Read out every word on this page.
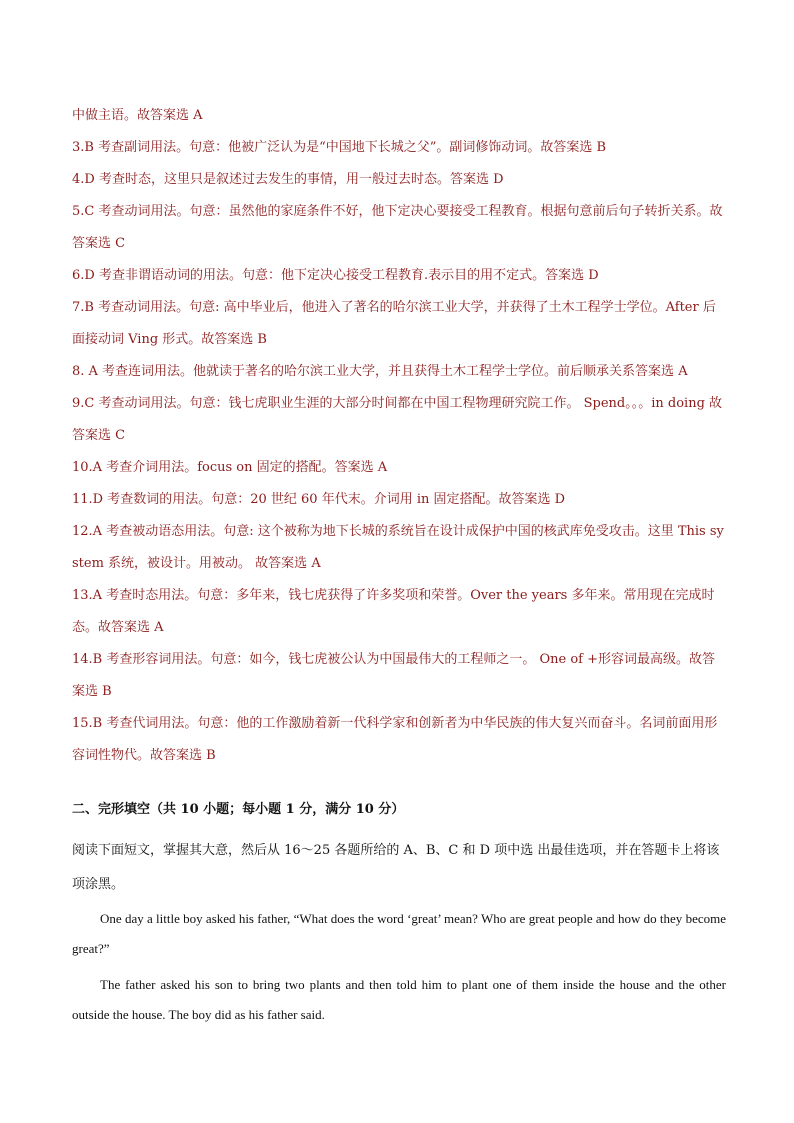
中做主语。故答案选 A

3.B 考查副词用法。句意：他被广泛认为是“中国地下长城之父”。副词修饰动词。故答案选 B

4.D 考查时态，这里只是叙述过去发生的事情，用一般过去时态。答案选 D

5.C 考查动词用法。句意：虽然他的家庭条件不好，他下定决心要接受工程教育。根据句意前后句子转折关系。故答案选 C

6.D 考查非谓语动词的用法。句意：他下定决心接受工程教育.表示目的用不定式。答案选 D

7.B 考查动词用法。句意: 高中毕业后，他进入了著名的哈尔滨工业大学，并获得了土木工程学士学位。After 后面接动词 Ving 形式。故答案选 B

8. A 考查连词用法。他就读于著名的哈尔滨工业大学，并且获得土木工程学士学位。前后顺承关系答案选 A

9.C 考查动词用法。句意：钱七虎职业生涯的大部分时间都在中国工程物理研究院工作。 Spend。。。in doing 故答案选 C

10.A 考查介词用法。focus on 固定的搭配。答案选 A

11.D 考查数词的用法。句意：20 世纪 60 年代末。介词用 in 固定搭配。故答案选 D

12.A 考查被动语态用法。句意: 这个被称为地下长城的系统旨在设计成保护中国的核武库免受攻击。这里 This system 系统，被设计。用被动。 故答案选 A

13.A 考查时态用法。句意：多年来，钱七虎获得了许多奖项和荣誉。Over the years 多年来。常用现在完成时态。故答案选 A

14.B 考查形容词用法。句意：如今，钱七虎被公认为中国最伟大的工程师之一。 One of +形容词最高级。故答案选 B

15.B 考查代词用法。句意：他的工作激励着新一代科学家和创新者为中华民族的伟大复兴而奋斗。名词前面用形容词性物代。故答案选 B

二、完形填空（共 10 小题；每小题 1 分，满分 10 分）

阅读下面短文，掌握其大意，然后从 16～25 各题所给的 A、B、C 和 D 项中选 出最佳选项，并在答题卡上将该项涂黑。

One day a little boy asked his father, “What does the word ‘great’ mean? Who are great people and how do they become great?”

The father asked his son to bring two plants and then told him to plant one of them inside the house and the other outside the house. The boy did as his father said.
